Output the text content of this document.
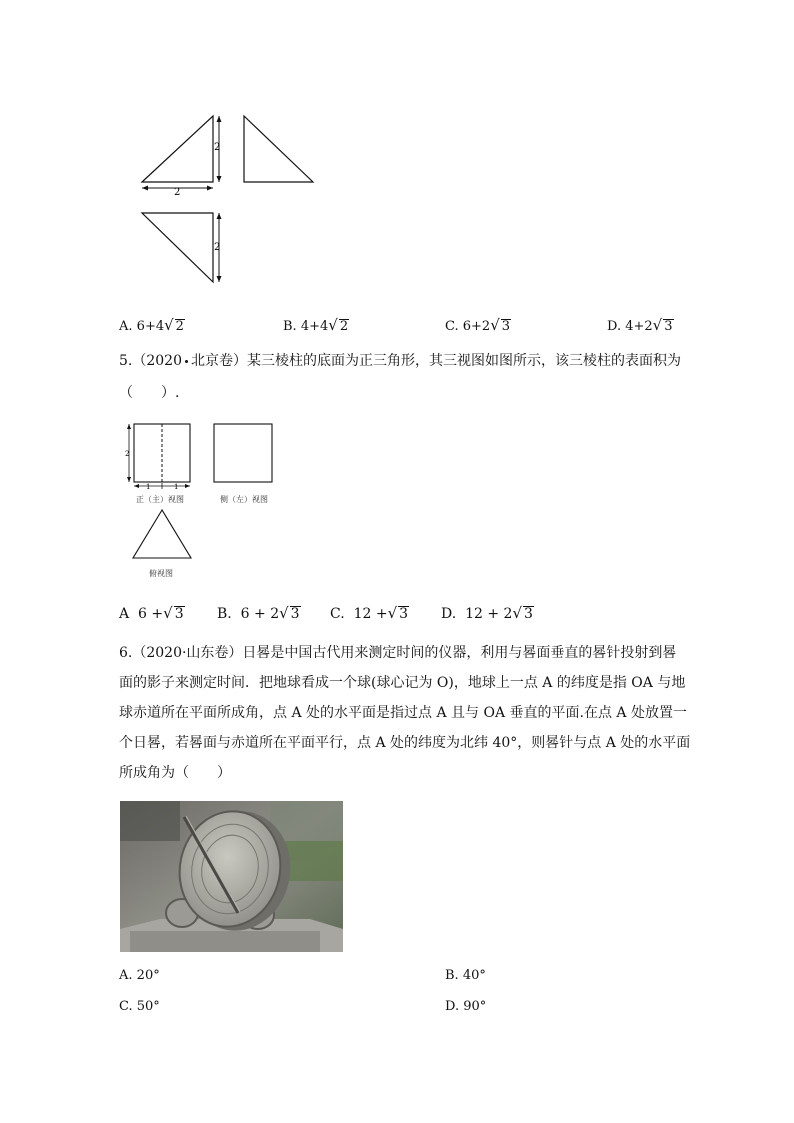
2
2
2
A. 6+4√ 2	B. 4+4√ 2	C. 6+2√ 3	D. 4+2√ 3
5.（2020 北京卷）某三棱柱的底面为正三角形，其三视图如图所示，该三棱柱的表面积为
（　　）.
2
1	1
正（主）视图	侧（左）视图
俯视图
A 6 +√ 3 B. 6 + 2√ 3 C. 12 +√ 3 D. 12 + 2√ 3
6.（2020·山东卷）日晷是中国古代用来测定时间的仪器，利用与晷面垂直的晷针投射到晷
面的影子来测定时间．把地球看成一个球(球心记为 O)，地球上一点 A 的纬度是指 OA 与地
球赤道所在平面所成角，点 A 处的水平面是指过点 A 且与 OA 垂直的平面.在点 A 处放置一
个日晷，若晷面与赤道所在平面平行，点 A 处的纬度为北纬 40°，则晷针与点 A 处的水平面
所成角为（　　）
A. 20°	B. 40°
C. 50°	D. 90°
